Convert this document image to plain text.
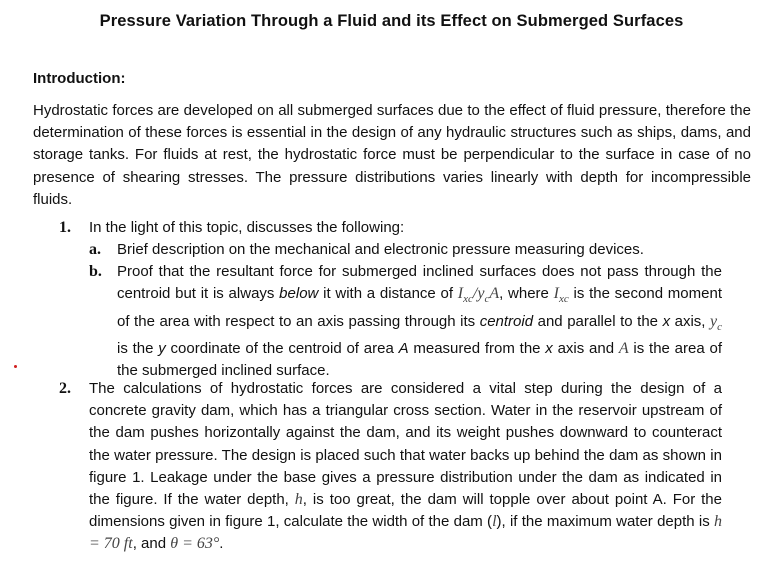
Pressure Variation Through a Fluid and its Effect on Submerged Surfaces
Introduction:
Hydrostatic forces are developed on all submerged surfaces due to the effect of fluid pressure, therefore the determination of these forces is essential in the design of any hydraulic structures such as ships, dams, and storage tanks. For fluids at rest, the hydrostatic force must be perpendicular to the surface in case of no presence of shearing stresses. The pressure distributions varies linearly with depth for incompressible fluids.
1.	In the light of this topic, discusses the following:
a.	Brief description on the mechanical and electronic pressure measuring devices.
b.	Proof that the resultant force for submerged inclined surfaces does not pass through the centroid but it is always below it with a distance of $I_{xc}/y_cA$, where $I_{xc}$ is the second moment of the area with respect to an axis passing through its centroid and parallel to the x axis, $y_c$ is the y coordinate of the centroid of area A measured from the x axis and A is the area of the submerged inclined surface.
2.	The calculations of hydrostatic forces are considered a vital step during the design of a concrete gravity dam, which has a triangular cross section. Water in the reservoir upstream of the dam pushes horizontally against the dam, and its weight pushes downward to counteract the water pressure. The design is placed such that water backs up behind the dam as shown in figure 1. Leakage under the base gives a pressure distribution under the dam as indicated in the figure. If the water depth, h, is too great, the dam will topple over about point A. For the dimensions given in figure 1, calculate the width of the dam (l), if the maximum water depth is h = 70 ft, and θ = 63°.
